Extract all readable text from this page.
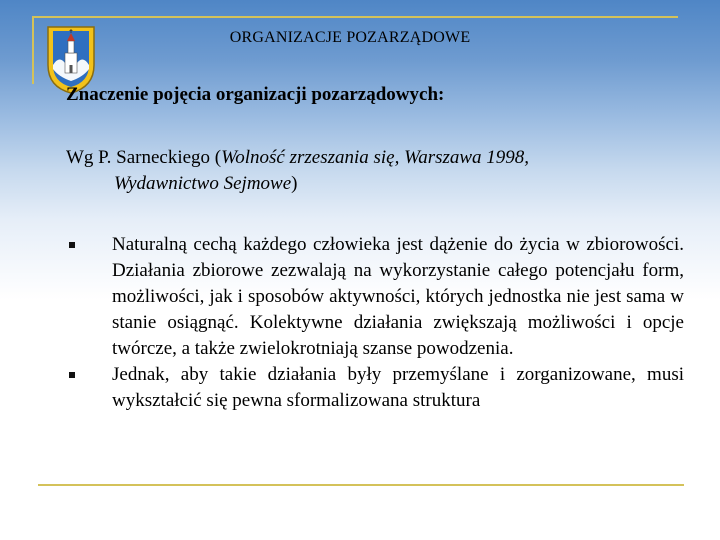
ORGANIZACJE POZARZĄDOWE
Znaczenie pojęcia organizacji pozarządowych:
Wg P. Sarneckiego (Wolność zrzeszania się, Warszawa 1998,
Wydawnictwo Sejmowe)
Naturalną cechą każdego człowieka jest dążenie do życia w zbiorowości. Działania zbiorowe zezwalają na wykorzystanie całego potencjału form, możliwości, jak i sposobów aktywności, których jednostka nie jest sama w stanie osiągnąć. Kolektywne działania zwiększają możliwości i opcje twórcze, a także zwielokrotniają szanse powodzenia.
Jednak, aby takie działania były przemyślane i zorganizowane, musi wykształcić się pewna sformalizowana struktura
